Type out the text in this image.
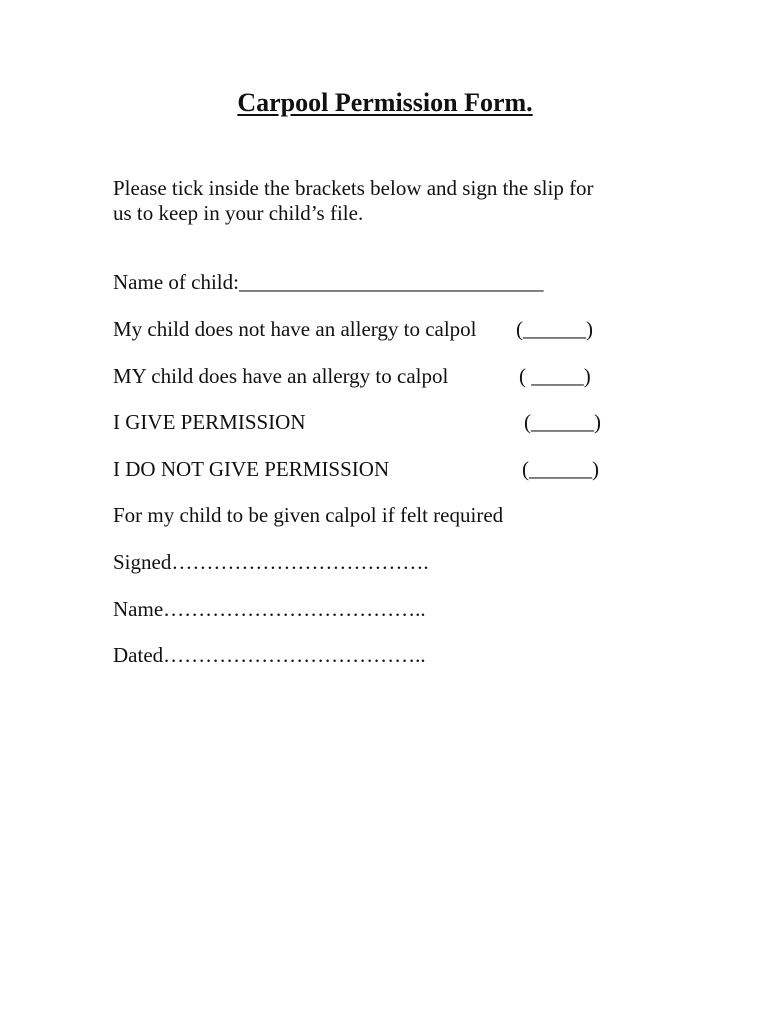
Carpool Permission Form.

Please tick inside the brackets below and sign the slip for
us to keep in your child’s file.

Name of child:_____________________________

My child does not have an allergy to calpol (______)

MY child does have an allergy to calpol	( _____)

I GIVE PERMISSION	(______)

I DO NOT GIVE PERMISSION	(______)

For my child to be given calpol if felt required

Signed……………………………….

Name………………………………..

Dated………………………………..
